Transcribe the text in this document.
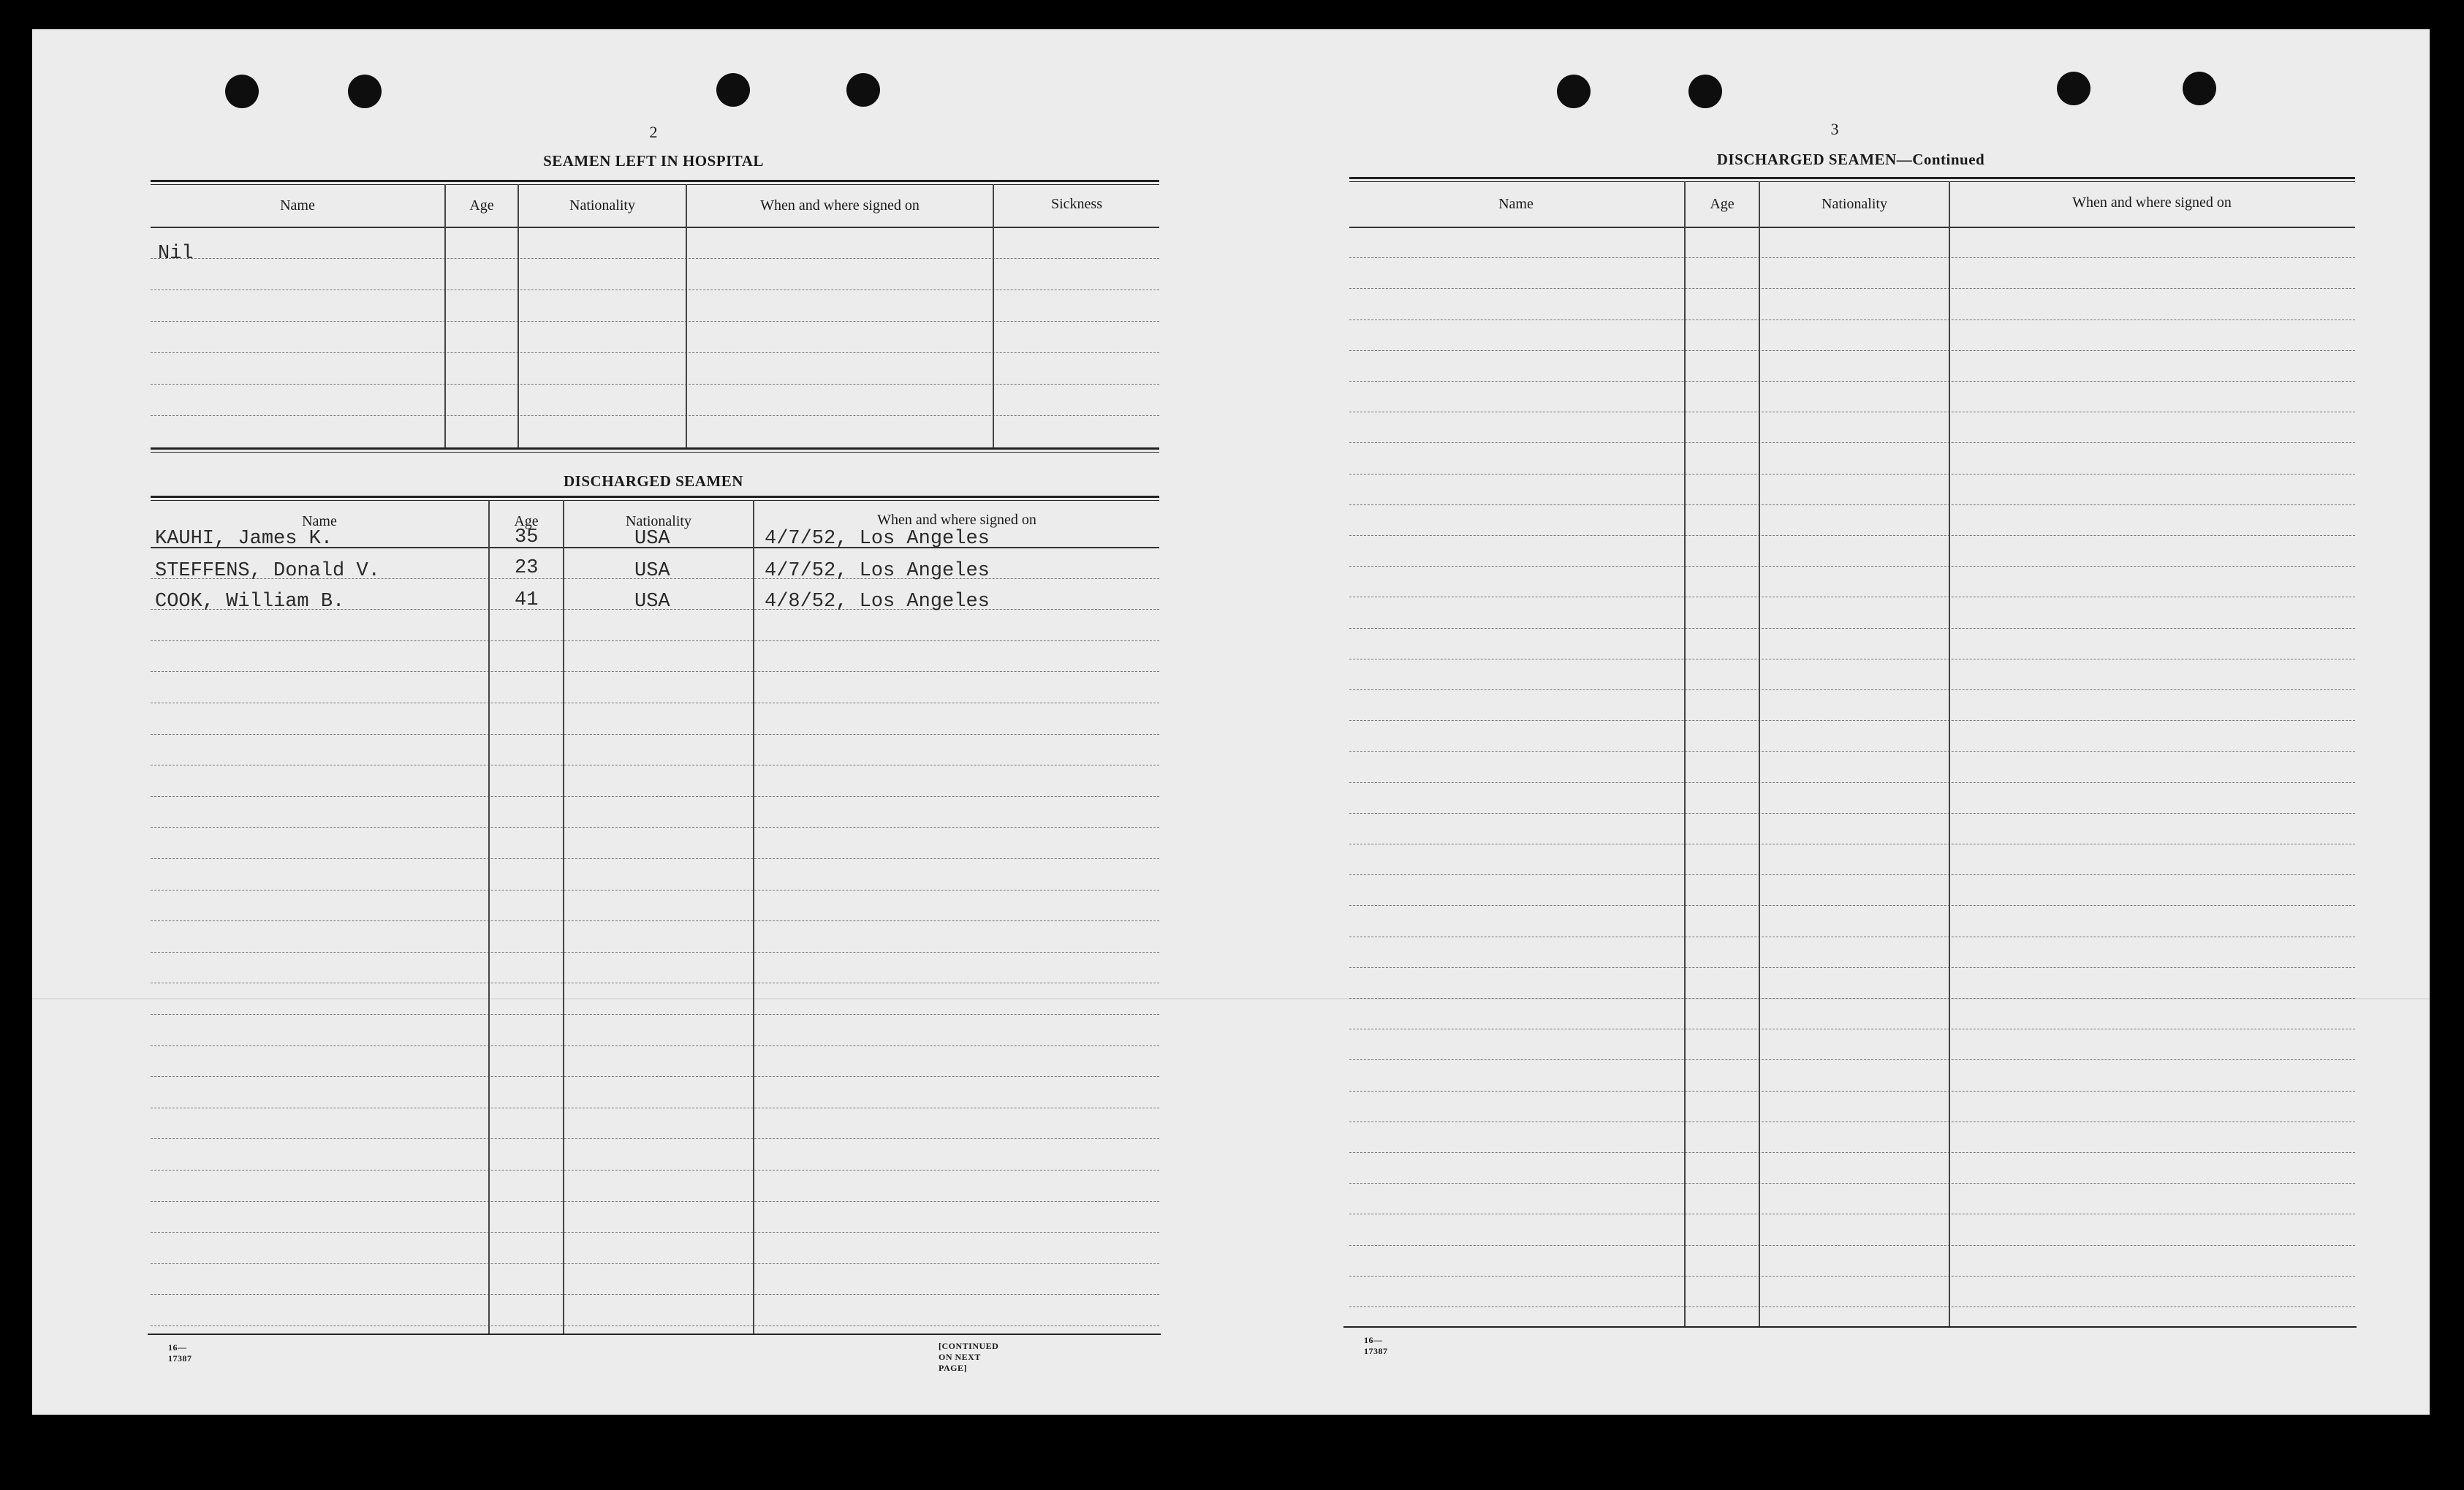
2
SEAMEN LEFT IN HOSPITAL
Name	Age	Nationality	When and where signed on	Sickness
Nil
DISCHARGED SEAMEN
Name	Age	Nationality	When and where signed on
KAUHI, James K.	35	USA	4/7/52, Los Angeles
STEFFENS, Donald V.	23	USA	4/7/52, Los Angeles
COOK, William B.	41	USA	4/8/52, Los Angeles
16—17387
[CONTINUED ON NEXT PAGE]
3
DISCHARGED SEAMEN—Continued
Name	Age	Nationality	When and where signed on
16—17387
